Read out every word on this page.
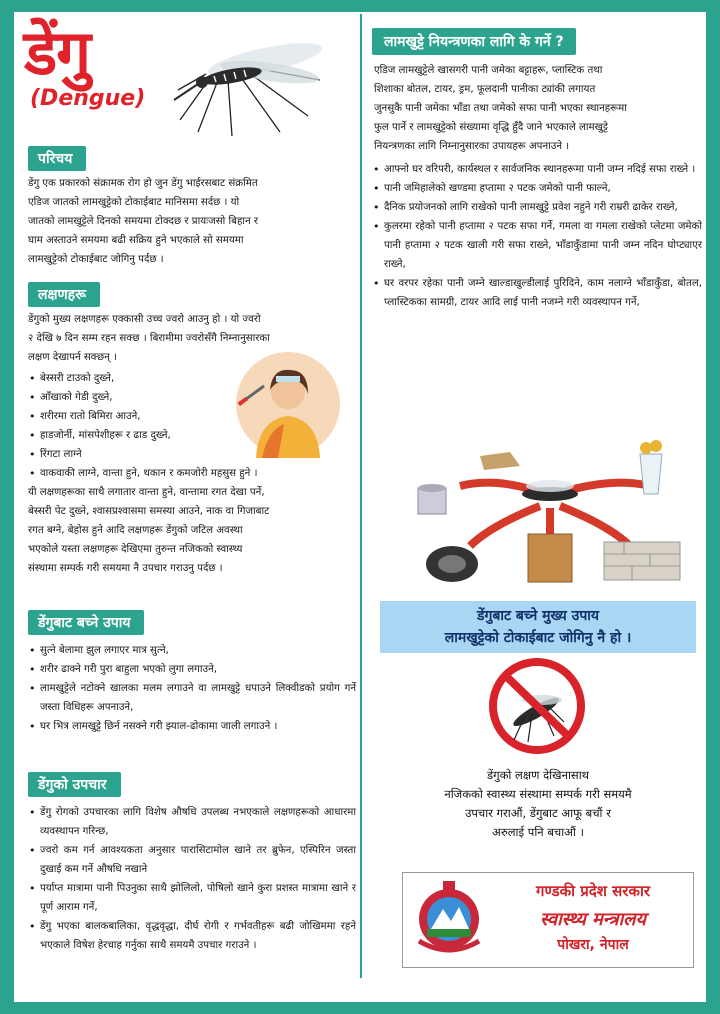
डेंगु
(Dengue)
परिचय
डेंगु एक प्रकारको संक्रामक रोग हो जुन डेंगु भाईरसबाट संक्रमित
एडिज जातको लामखुट्टेको टोकाईबाट मानिसमा सर्दछ । यो
जातको लामखुट्टेले दिनको समयमा टोक्दछ र प्रायःजसो बिहान र
घाम अस्ताउने समयमा बढी सक्रिय हुने भएकाले सो समयमा
लामखुट्टेको टोकाईबाट जोगिनु पर्दछ ।
लक्षणहरू
डेंगुको मुख्य लक्षणहरू एक्कासी उच्च ज्वरो आउनु हो । यो ज्वरो
२ देखि ७ दिन सम्म रहन सक्छ । बिरामीमा ज्वरोसँगै निम्नानुसारका
लक्षण देखापर्न सक्छन् ।
• बेस्सरी टाउको दुख्ने,
• आँखाको गेडी दुख्ने,
• शरीरमा रातो बिमिरा आउने,
• हाडजोर्नी, मांसपेशीहरू र ढाड दुख्ने,
• रिंगटा लाग्ने
• वाकवाकी लाग्ने, वान्ता हुने, थकान र कमजोरी महसुस हुने ।
यी लक्षणहरूका साथै लगातार वान्ता हुने, वान्तामा रगत देखा पर्ने,
बेस्सरी पेट दुख्ने, श्वासप्रश्वासमा समस्या आउने, नाक वा गिजाबाट
रगत बग्ने, बेहोस हुने आदि लक्षणहरू डेंगुको जटिल अवस्था
भएकोले यस्ता लक्षणहरू देखिएमा तुरुन्त नजिकको स्वास्थ्य
संस्थामा सम्पर्क गरी समयमा नै उपचार गराउनु पर्दछ ।
डेंगुबाट बच्ने उपाय
• सुत्ने बेलामा झुल लगाएर मात्र सुत्ने,
• शरीर ढाक्ने गरी पुरा बाहुला भएको लुगा लगाउने,
• लामखुट्टेले नटोक्ने खालका मलम लगाउने वा लामखुट्टे धपाउने लिक्वीडको प्रयोग गर्ने जस्ता विधिहरू अपनाउने,
• घर भित्र लामखुट्टे छिर्न नसक्ने गरी झ्याल-ढोकामा जाली लगाउने ।
डेंगुको उपचार
• डेंगु रोगको उपचारका लागि विशेष औषधि उपलब्ध नभएकाले लक्षणहरूको आधारमा व्यवस्थापन गरिन्छ,
• ज्वरो कम गर्न आवश्यकता अनुसार पारासिटामोल खाने तर ब्रुफेन, एस्पिरिन जस्ता दुखाई कम गर्ने औषधि नखाने
• पर्याप्त मात्रामा पानी पिउनुका साथै झोलिलो, पोषिलो खाने कुरा प्रशस्त मात्रामा खाने र पूर्ण आराम गर्ने,
• डेंगु भएका बालकबालिका, वृद्धवृद्धा, दीर्घ रोगी र गर्भवतीहरू बढी जोखिममा रहने भएकाले विषेश हेरचाह गर्नुका साथै समयमै उपचार गराउने ।
लामखुट्टे नियन्त्रणका लागि के गर्ने ?
एडिज लामखुट्टेले खासगरी पानी जमेका बट्टाहरू, प्लास्टिक तथा
शिशाका बोतल, टायर, ड्रम, फूलदानी पानीका ट्यांकी लगायत
जुनसुकै पानी जमेका भाँडा तथा जमेको सफा पानी भएका स्थानहरूमा
फुल पार्ने र लामखुट्टेको संख्यामा वृद्धि हुँदै जाने भएकाले लामखुट्टे
नियन्त्रणका लागि निम्नानुसारका उपायहरू अपनाउने ।
• आफ्नो घर वरिपरी, कार्यस्थल र सार्वजनिक स्थानहरूमा पानी जम्न नदिई सफा राख्ने ।
• पानी जमिहालेको खण्डमा हप्तामा २ पटक जमेको पानी फाल्ने,
• दैनिक प्रयोजनको लागि राखेको पानी लामखुट्टे प्रवेश नहुने गरी राम्ररी ढाकेर राख्ने,
• कुलरमा रहेको पानी हप्तामा २ पटक सफा गर्ने, गमला वा गमला राखेको प्लेटमा जमेको पानी हप्तामा २ पटक खाली गरी सफा राख्ने, भाँडाकुँडामा पानी जम्न नदिन घोप्ट्याएर राख्ने,
• घर वरपर रहेका पानी जम्ने खाल्डाखुल्डीलाई पुरिदिने, काम नलाग्ने भाँडाकुँडा, बोतल, प्लास्टिकका सामग्री, टायर आदि लाई पानी नजम्ने गरी व्यवस्थापन गर्ने,
डेंगुबाट बच्ने मुख्य उपाय
लामखुट्टेको टोकाईबाट जोगिनु नै हो ।
डेंगुको लक्षण देखिनासाथ
नजिकको स्वास्थ्य संस्थामा सम्पर्क गरी समयमै
उपचार गराऔं, डेंगुबाट आफू बचौं र
अरुलाई पनि बचाऔं ।
गण्डकी प्रदेश सरकार
स्वास्थ्य मन्त्रालय
पोखरा, नेपाल
